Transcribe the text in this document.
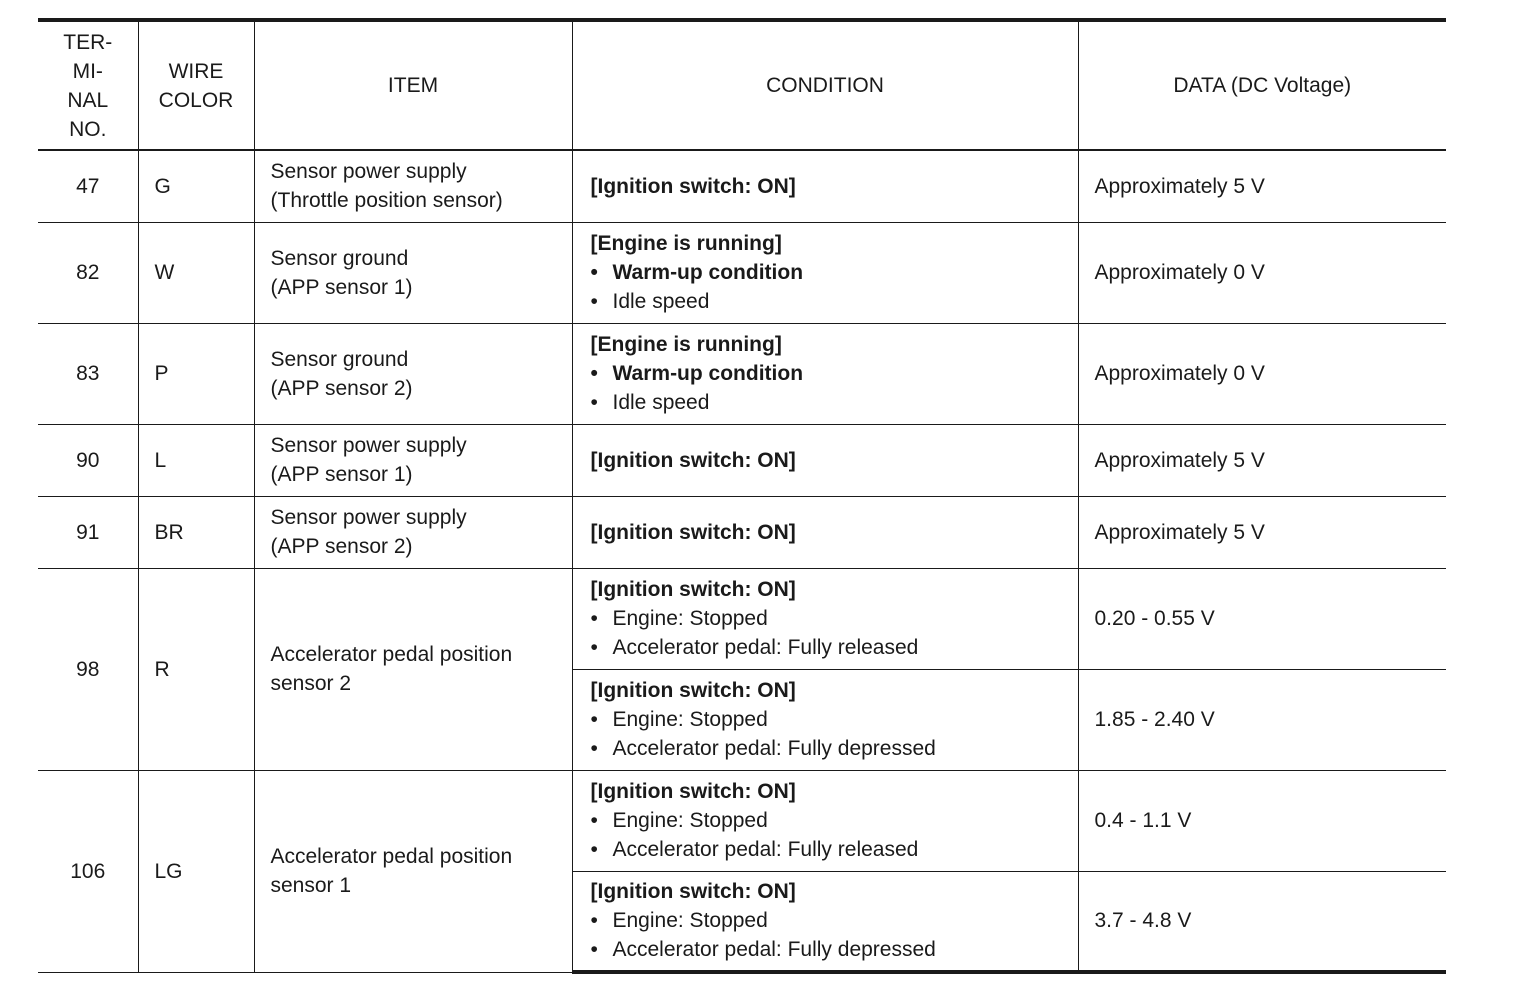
TER-
MI-
NAL
NO.	WIRE
COLOR	ITEM	CONDITION	DATA (DC Voltage)
47	G	Sensor power supply
(Throttle position sensor)	[Ignition switch: ON]	Approximately 5 V
82	W	Sensor ground
(APP sensor 1)	[Engine is running]
• Warm-up condition
• Idle speed	Approximately 0 V
83	P	Sensor ground
(APP sensor 2)	[Engine is running]
• Warm-up condition
• Idle speed	Approximately 0 V
90	L	Sensor power supply
(APP sensor 1)	[Ignition switch: ON]	Approximately 5 V
91	BR	Sensor power supply
(APP sensor 2)	[Ignition switch: ON]	Approximately 5 V
98	R	Accelerator pedal position
sensor 2	[Ignition switch: ON]
• Engine: Stopped
• Accelerator pedal: Fully released	0.20 - 0.55 V

			[Ignition switch: ON]
• Engine: Stopped
• Accelerator pedal: Fully depressed	1.85 - 2.40 V
106	LG	Accelerator pedal position
sensor 1	[Ignition switch: ON]
• Engine: Stopped
• Accelerator pedal: Fully released	0.4 - 1.1 V

			[Ignition switch: ON]
• Engine: Stopped
• Accelerator pedal: Fully depressed	3.7 - 4.8 V
